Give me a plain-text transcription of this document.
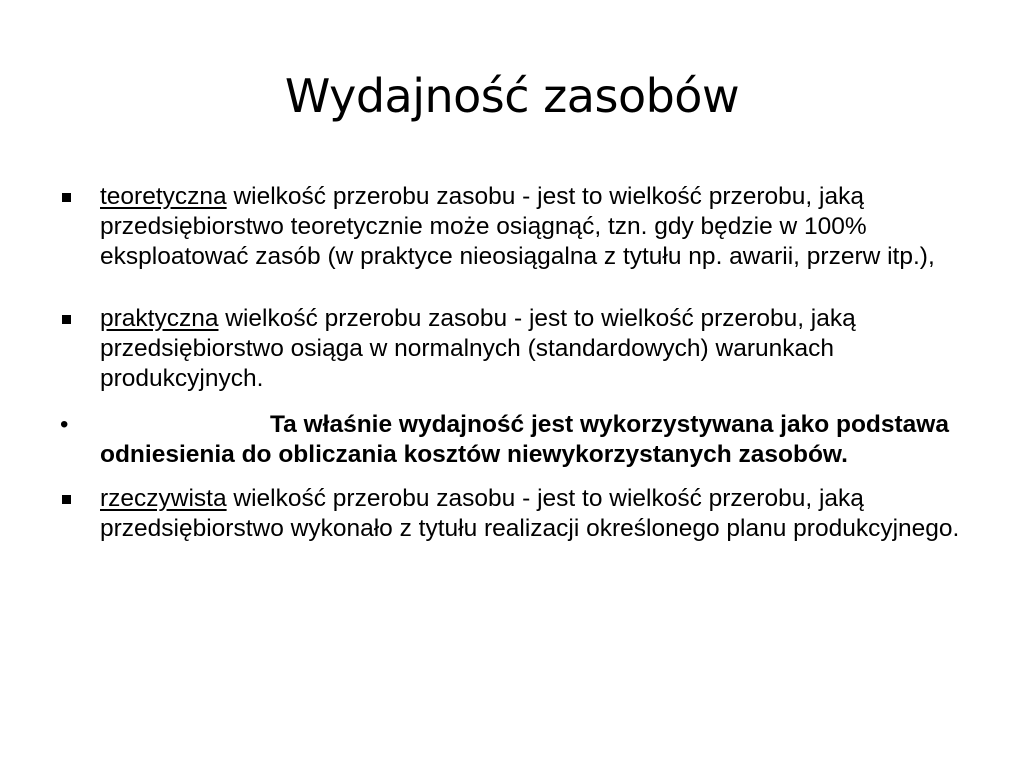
Wydajność zasobów
teoretyczna wielkość przerobu zasobu - jest to wielkość przerobu, jaką przedsiębiorstwo teoretycznie może osiągnąć, tzn. gdy będzie w 100% eksploatować zasób (w praktyce nieosiągalna z tytułu np. awarii, przerw itp.),
praktyczna wielkość przerobu zasobu - jest to wielkość przerobu, jaką przedsiębiorstwo osiąga w normalnych (standardowych) warunkach produkcyjnych.
•	Ta właśnie wydajność jest wykorzystywana jako podstawa odniesienia do obliczania kosztów niewykorzystanych zasobów.
rzeczywista wielkość przerobu zasobu - jest to wielkość przerobu, jaką przedsiębiorstwo wykonało z tytułu realizacji określonego planu produkcyjnego.
